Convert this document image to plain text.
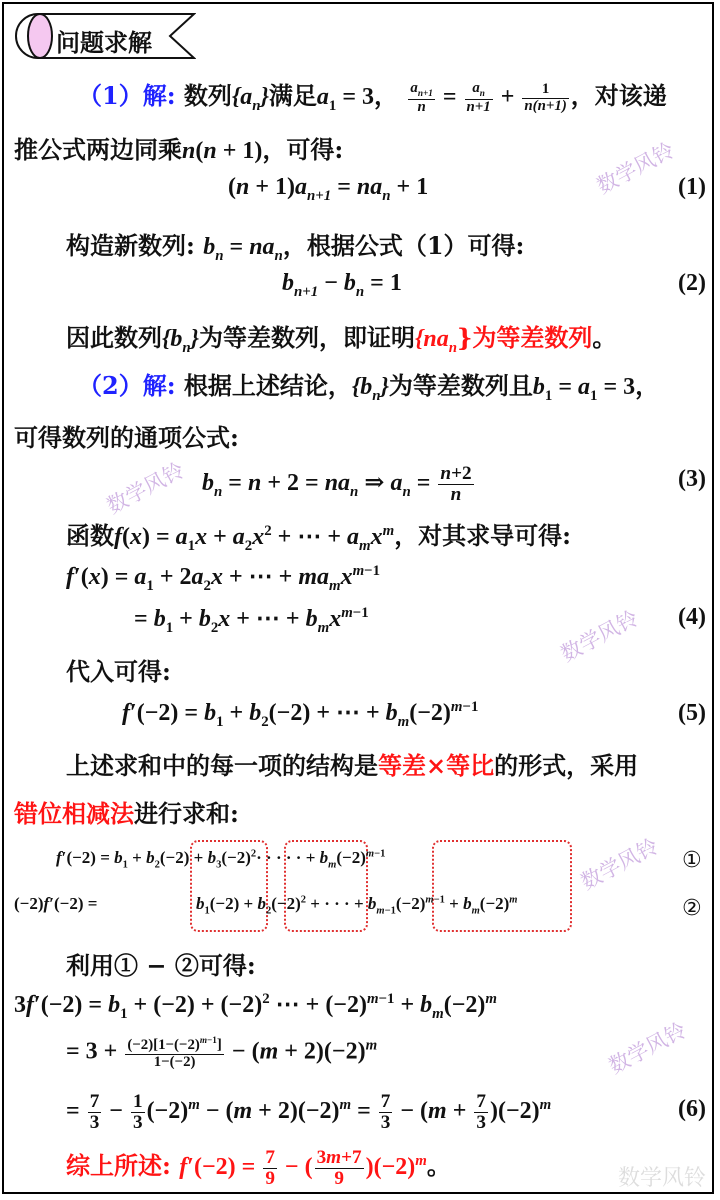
问题求解
（1）解: 数列$\{a_n\}$满足$a_1 = 3$， $\frac{a_{n+1}}{n} = \frac{a_n}{n+1} + \frac{1}{n(n+1)}$ ，对该递
推公式两边同乘n(n + 1)，可得:	数学风铃
$(n + 1)a_{n+1} = na_n + 1$	(1)
构造新数列: $b_n = na_n$，根据公式（1）可得:
$b_{n+1} - b_n = 1$	(2)
因此数列$\{b_n\}$为等差数列，即证明$\{na_n\}$为等差数列。
（2）解: 根据上述结论，$\{b_n\}$为等差数列且$b_1 = a_1 = 3$，
可得数列的通项公式:
数学风铃 $b_n = n + 2 = na_n$ ⇒ $a_n = \frac{n+2}{n}$	(3)
函数$f(x) = a_1x + a_2x^2$ + ⋯ + $a_mx^m$，对其求导可得:
$f'(x) = a_1 + 2a_2x$ + ⋯ + $ma_mx^{m-1}$
= $b_1 + b_2x$ + ⋯ + $b_mx^{m-1}$	(4)
数学风铃
代入可得:
$f'(-2) = b_1 + b_2(-2)$ + ⋯ + $b_m(-2)^{m-1}$	(5)
上述求和中的每一项的结构是等差×等比的形式，采用
错位相减法进行求和:
$f'(-2) = b_1 + b_2(-2) + b_3(-2)^2\cdot$ · · · · + $b_m(-2)^{m-1}$	①
数学风铃
(−2)f′(−2) =	$b_1(-2) + b_2(-2)^2$ + · · · + $b_{m-1}(-2)^{m-1} + b_m(-2)^m$	②
利用① − ②可得:
$3f'(-2) = b_1 + (-2) + (-2)^2$ ⋯ + $(-2)^{m-1} + b_m(-2)^m$
= $3 + \frac{(-2)[1-(-2)^{m-1}]}{1-(-2)} - (m + 2)(-2)^m$	数学风铃
= $\frac{7}{3} - \frac{1}{3} (-2)^m - (m + 2)(-2)^m = \frac{7}{3} - (m + \frac{7}{3} )(-2)^m$	(6)
综上所述: $f'(-2) = \frac{7}{9}$ − ( $\frac{3m+7}{9} )(-2)^m$。	数学风铃
